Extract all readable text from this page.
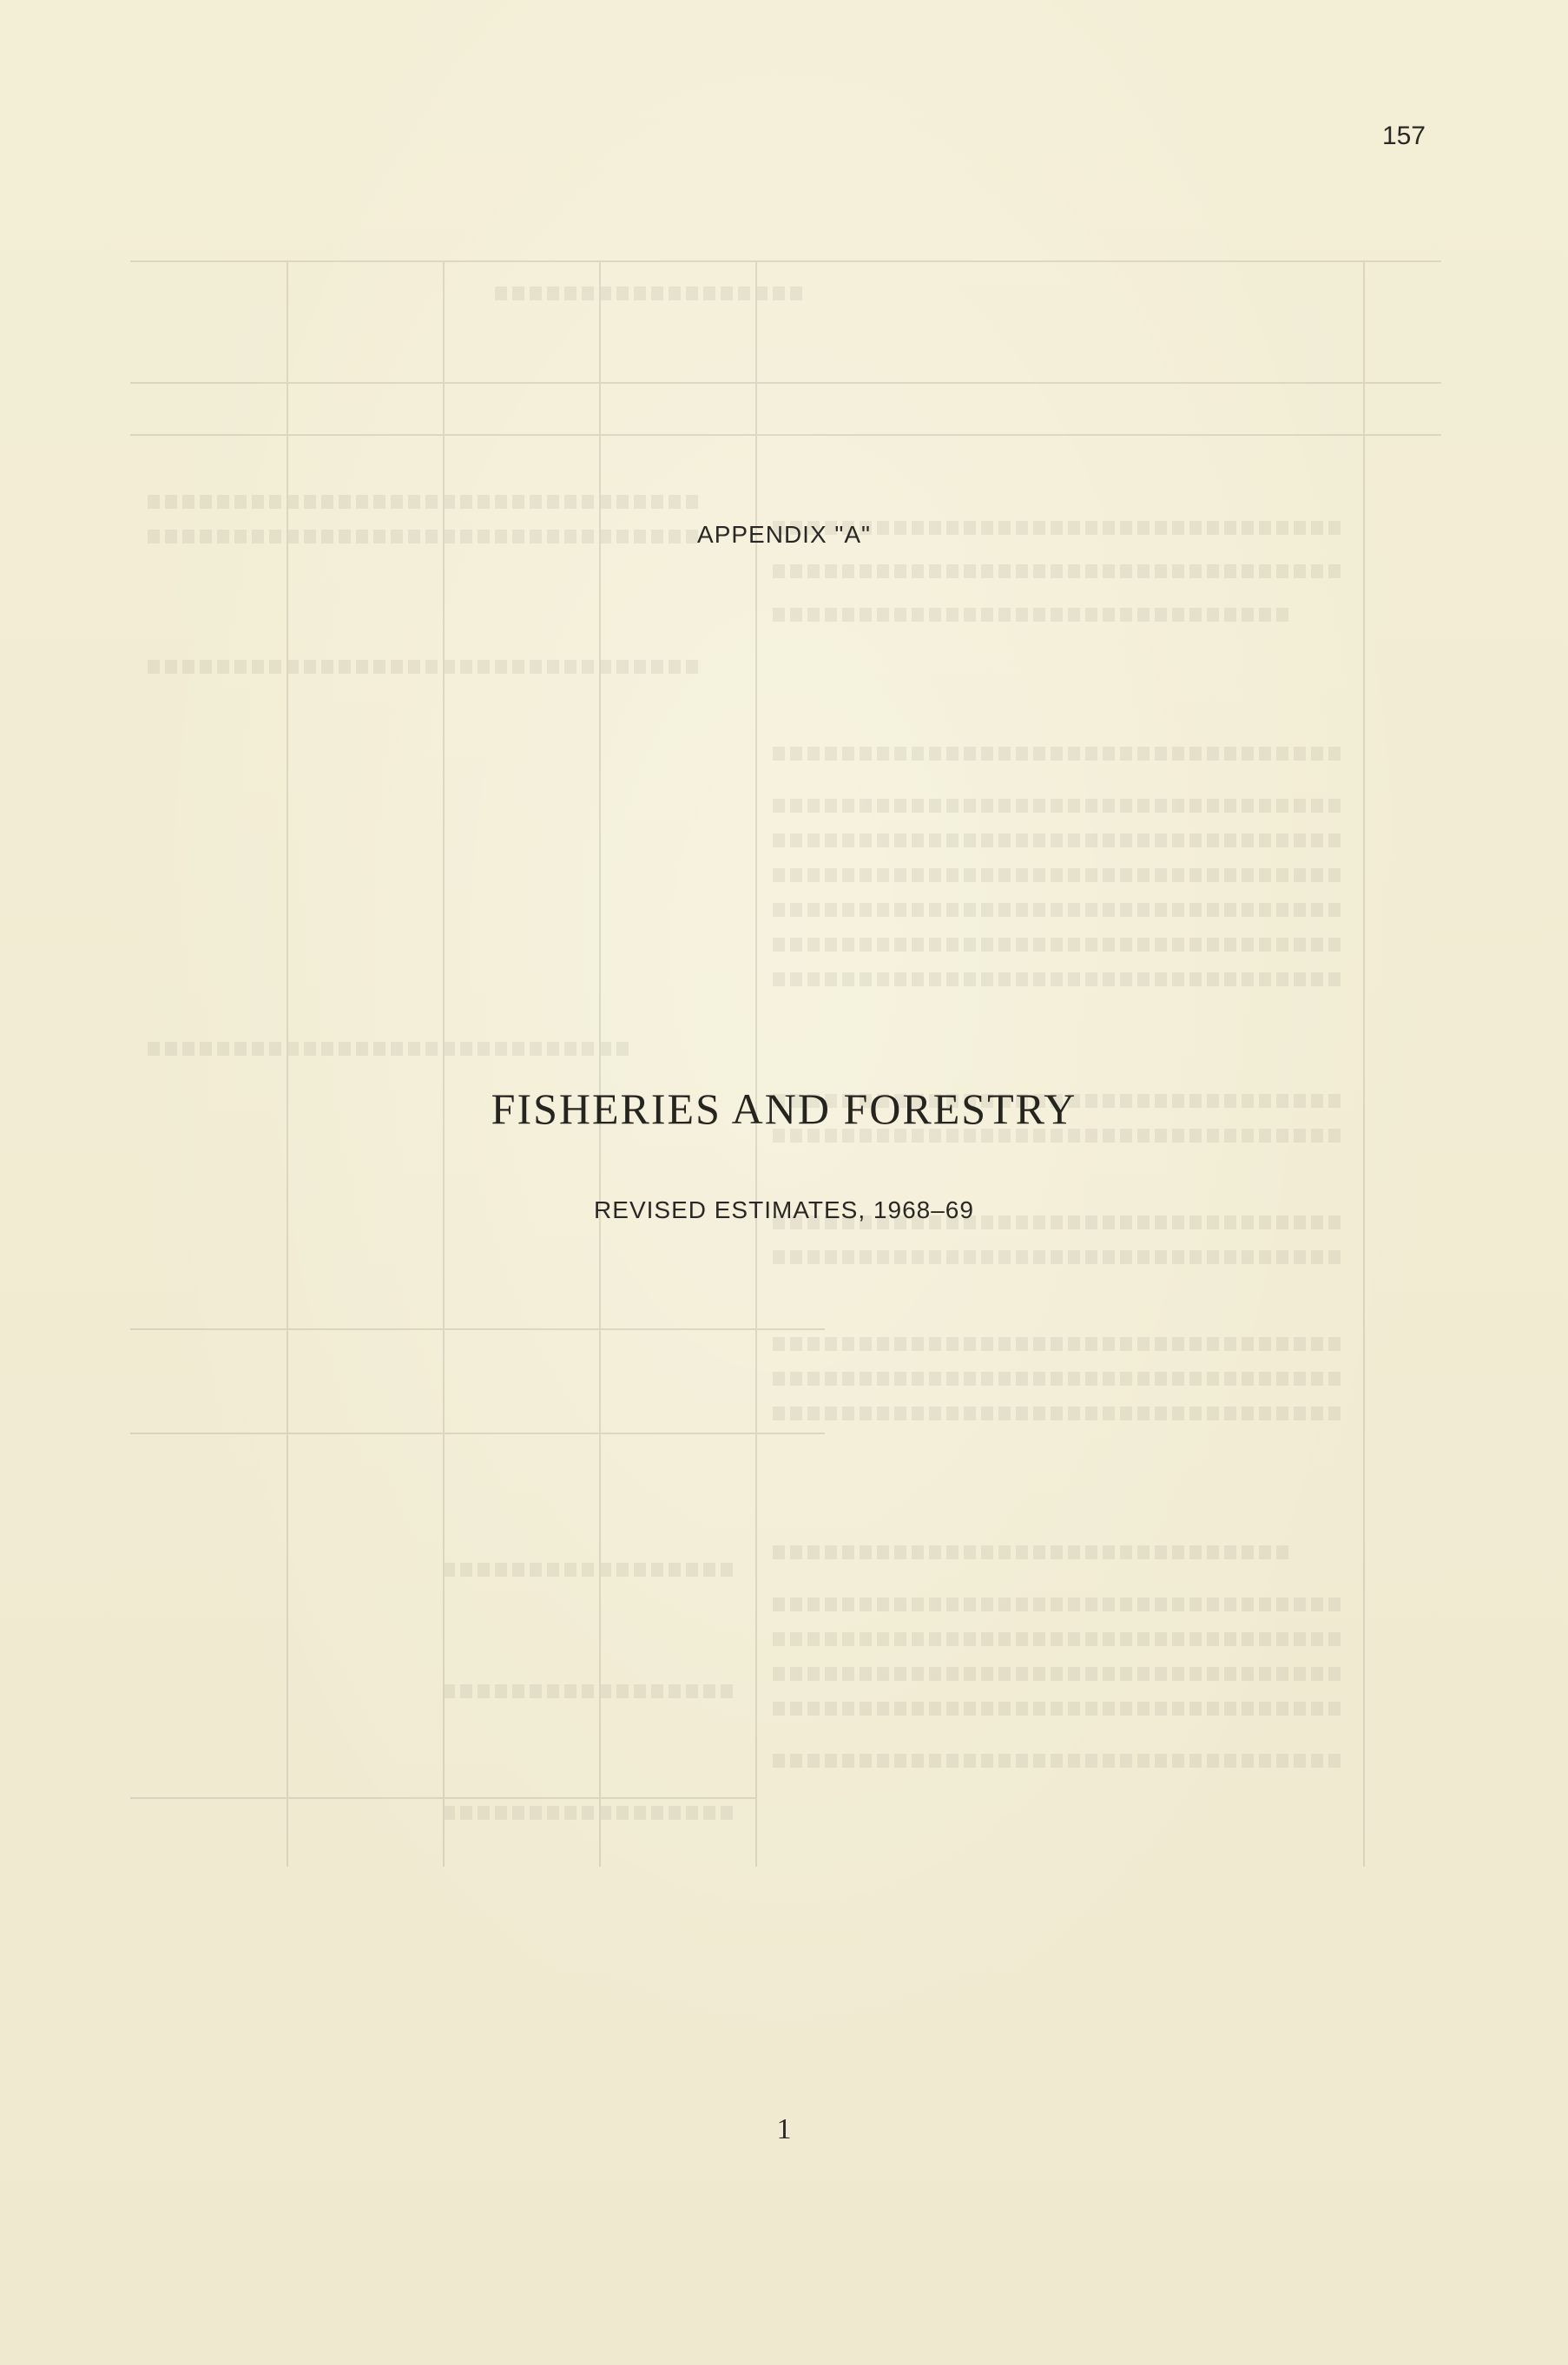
157
APPENDIX "A"
FISHERIES AND FORESTRY
REVISED ESTIMATES, 1968–69
1
